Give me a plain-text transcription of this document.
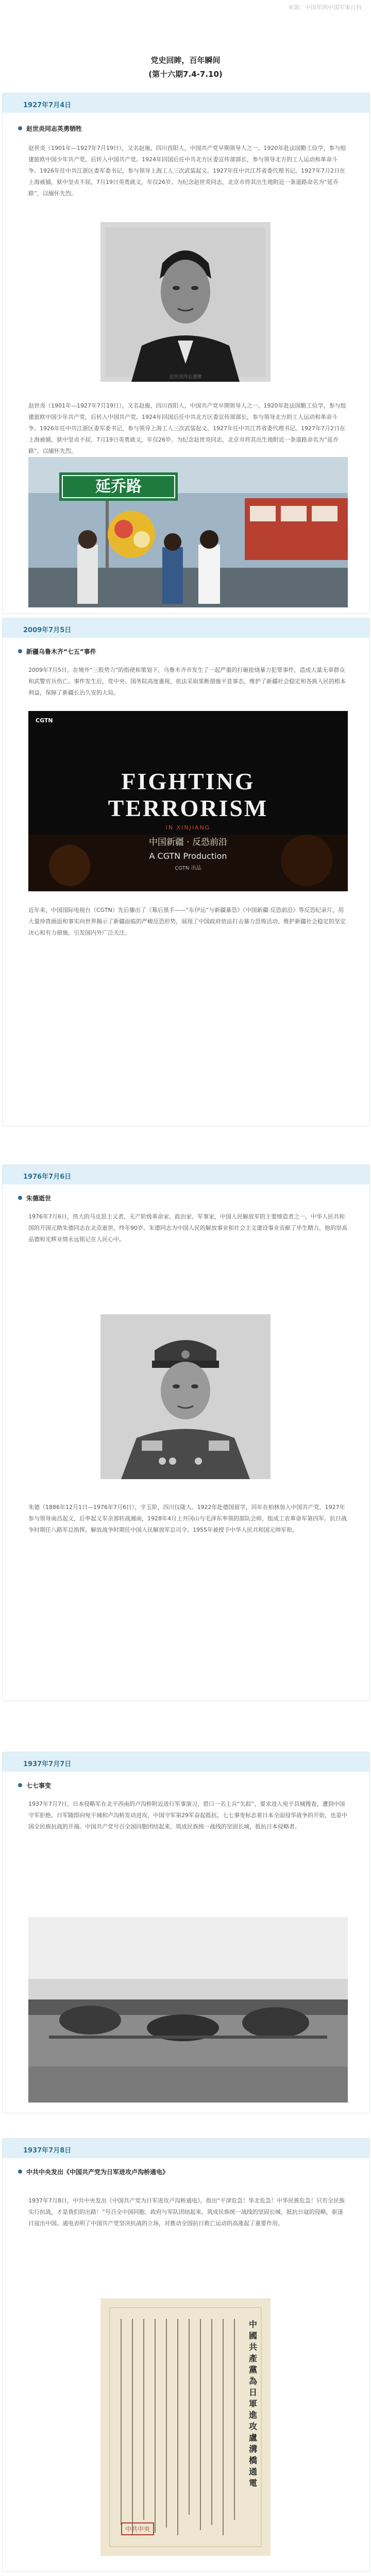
来源：中国军网中国军事百科
党史回眸，百年瞬间
(第十六期7.4-7.10)
1927年7月4日
赵世炎同志英勇牺牲

赵世炎（1901年—1927年7月19日），又名赵施，四川酉阳人，中国共产党早期领导人之一。1920年赴法国勤工俭学，参与组建旅欧中国少年共产党，后转入中国共产党。1924年回国后任中共北方区委宣传部部长，参与领导北方的工人运动和革命斗争。1926年任中共江浙区委军委书记，参与领导上海工人三次武装起义。1927年任中共江苏省委代理书记。1927年7月2日在上海被捕，狱中坚贞不屈，7月19日英勇就义，年仅26岁。为纪念赵世炎同志，北京市将其出生地附近一条道路命名为“延乔路”，以缅怀先烈。

赵世炎同志遗像

赵世炎（1901年—1927年7月19日），又名赵施，四川酉阳人，中国共产党早期领导人之一。1920年赴法国勤工俭学，参与组建旅欧中国少年共产党，后转入中国共产党。1924年回国后任中共北方区委宣传部部长，参与领导北方的工人运动和革命斗争。1926年任中共江浙区委军委书记，参与领导上海工人三次武装起义。1927年任中共江苏省委代理书记。1927年7月2日在上海被捕，狱中坚贞不屈，7月19日英勇就义，年仅26岁。为纪念赵世炎同志，北京市将其出生地附近一条道路命名为“延乔路”，以缅怀先烈。

延乔路
2009年7月5日
新疆乌鲁木齐“七五”事件

2009年7月5日，在境外“三股势力”的指使和策划下，乌鲁木齐市发生了一起严重的打砸抢烧暴力犯罪事件，造成大量无辜群众和武警官兵伤亡。事件发生后，党中央、国务院高度重视，依法采取果断措施平息事态，维护了新疆社会稳定和各族人民的根本利益，保障了新疆长治久安的大局。

CGTN
FIGHTING
TERRORISM
IN XINJIANG
中国新疆 · 反恐前沿
A CGTN Production
CGTN 出品

近年来，中国国际电视台（CGTN）先后播出了《幕后黑手——“东伊运”与新疆暴恐》《中国新疆·反恐前沿》等反恐纪录片，用大量珍贵画面和事实向世界揭示了新疆面临的严峻反恐形势，展现了中国政府依法打击暴力恐怖活动、维护新疆社会稳定的坚定决心和有力措施，引发国内外广泛关注。

1976年7月6日
朱德逝世

1976年7月6日，伟大的马克思主义者，无产阶级革命家、政治家、军事家，中国人民解放军的主要缔造者之一，中华人民共和国的开国元勋朱德同志在北京逝世，终年90岁。朱德同志为中国人民的解放事业和社会主义建设事业贡献了毕生精力，他的崇高品德和光辉业绩永远铭记在人民心中。

朱德（1886年12月1日—1976年7月6日），字玉阶，四川仪陇人。1922年赴德国留学，同年在柏林加入中国共产党。1927年参与领导南昌起义，后率起义军余部转战湘南，1928年4月上井冈山与毛泽东率领的部队会师，组成工农革命军第四军。抗日战争时期任八路军总指挥。解放战争时期任中国人民解放军总司令。1955年被授予中华人民共和国元帅军衔。

1937年7月7日
七七事变

1937年7月7日，日本侵略军在北平西南的卢沟桥附近进行军事演习，借口一名士兵“失踪”，要求进入宛平县城搜查，遭到中国守军拒绝。日军随即向宛平城和卢沟桥发动进攻，中国守军第29军奋起抵抗。七七事变标志着日本全面侵华战争的开始，也是中国全民族抗战的开端。中国共产党号召全国同胞团结起来，筑成民族统一战线的坚固长城，抵抗日本侵略者。

1937年7月8日
中共中央发出《中国共产党为日军进攻卢沟桥通电》

1937年7月8日，中共中央发出《中国共产党为日军进攻卢沟桥通电》，指出“平津危急！华北危急！中华民族危急！只有全民族实行抗战，才是我们的出路！”号召全中国同胞、政府与军队团结起来，筑成民族统一战线的坚固长城，抵抗日寇的侵略，驱逐日寇出中国。通电表明了中国共产党坚决抗战的立场，对推动全国抗日救亡运动的高涨起了重要作用。

中國共產黨為日軍進攻盧溝橋通電
中共中央
